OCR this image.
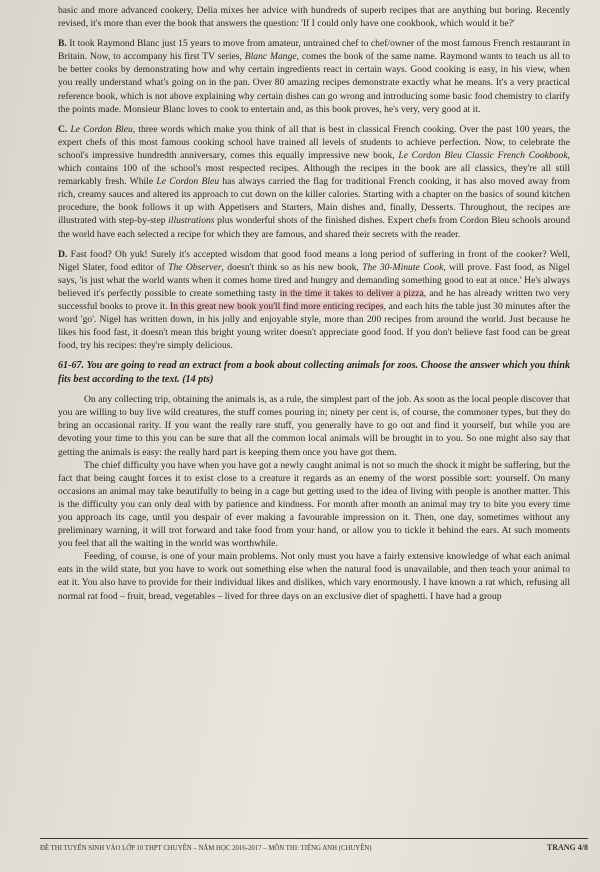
basic and more advanced cookery, Delia mixes her advice with hundreds of superb recipes that are anything but boring. Recently revised, it's more than ever the book that answers the question: 'If I could only have one cookbook, which would it be?'

B. It took Raymond Blanc just 15 years to move from amateur, untrained chef to chef/owner of the most famous French restaurant in Britain. Now, to accompany his first TV series, Blanc Mange, comes the book of the same name. Raymond wants to teach us all to be better cooks by demonstrating how and why certain ingredients react in certain ways. Good cooking is easy, in his view, when you really understand what's going on in the pan. Over 80 amazing recipes demonstrate exactly what he means. It's a very practical reference book, which is not above explaining why certain dishes can go wrong and introducing some basic food chemistry to clarify the points made. Monsieur Blanc loves to cook to entertain and, as this book proves, he's very, very good at it.

C. Le Cordon Bleu, three words which make you think of all that is best in classical French cooking. Over the past 100 years, the expert chefs of this most famous cooking school have trained all levels of students to achieve perfection. Now, to celebrate the school's impressive hundredth anniversary, comes this equally impressive new book, Le Cordon Bleu Classic French Cookbook, which contains 100 of the school's most respected recipes. Although the recipes in the book are all classics, they're all still remarkably fresh. While Le Cordon Bleu has always carried the flag for traditional French cooking, it has also moved away from rich, creamy sauces and altered its approach to cut down on the killer calories. Starting with a chapter on the basics of sound kitchen procedure, the book follows it up with Appetisers and Starters, Main dishes and, finally, Desserts. Throughout, the recipes are illustrated with step-by-step illustrations plus wonderful shots of the finished dishes. Expert chefs from Cordon Bleu schools around the world have each selected a recipe for which they are famous, and shared their secrets with the reader.

D. Fast food? Oh yuk! Surely it's accepted wisdom that good food means a long period of suffering in front of the cooker? Well, Nigel Slater, food editor of The Observer, doesn't think so as his new book, The 30-Minute Cook, will prove. Fast food, as Nigel says, 'is just what the world wants when it comes home tired and hungry and demanding something good to eat at once.' He's always believed it's perfectly possible to create something tasty in the time it takes to deliver a pizza, and he has already written two very successful books to prove it. In this great new book you'll find more enticing recipes, and each hits the table just 30 minutes after the word 'go'. Nigel has written down, in his jolly and enjoyable style, more than 200 recipes from around the world. Just because he likes his food fast, it doesn't mean this bright young writer doesn't appreciate good food. If you don't believe fast food can be great food, try his recipes: they're simply delicious.

61-67. You are going to read an extract from a book about collecting animals for zoos. Choose the answer which you think fits best according to the text. (14 pts)

On any collecting trip, obtaining the animals is, as a rule, the simplest part of the job. As soon as the local people discover that you are willing to buy live wild creatures, the stuff comes pouring in; ninety per cent is, of course, the commoner types, but they do bring an occasional rarity. If you want the really rare stuff, you generally have to go out and find it yourself, but while you are devoting your time to this you can be sure that all the common local animals will be brought in to you. So one might also say that getting the animals is easy: the really hard part is keeping them once you have got them.

The chief difficulty you have when you have got a newly caught animal is not so much the shock it might be suffering, but the fact that being caught forces it to exist close to a creature it regards as an enemy of the worst possible sort: yourself. On many occasions an animal may take beautifully to being in a cage but getting used to the idea of living with people is another matter. This is the difficulty you can only deal with by patience and kindness. For month after month an animal may try to bite you every time you approach its cage, until you despair of ever making a favourable impression on it. Then, one day, sometimes without any preliminary warning, it will trot forward and take food from your hand, or allow you to tickle it behind the ears. At such moments you feel that all the waiting in the world was worthwhile.

Feeding, of course, is one of your main problems. Not only must you have a fairly extensive knowledge of what each animal eats in the wild state, but you have to work out something else when the natural food is unavailable, and then teach your animal to eat it. You also have to provide for their individual likes and dislikes, which vary enormously. I have known a rat which, refusing all normal rat food – fruit, bread, vegetables – lived for three days on an exclusive diet of spaghetti. I have had a group

ĐỀ THI TUYỂN SINH VÀO LỚP 10 THPT CHUYÊN – NĂM HỌC 2016-2017 – MÔN THI: TIẾNG ANH (CHUYÊN)	TRANG 4/8
